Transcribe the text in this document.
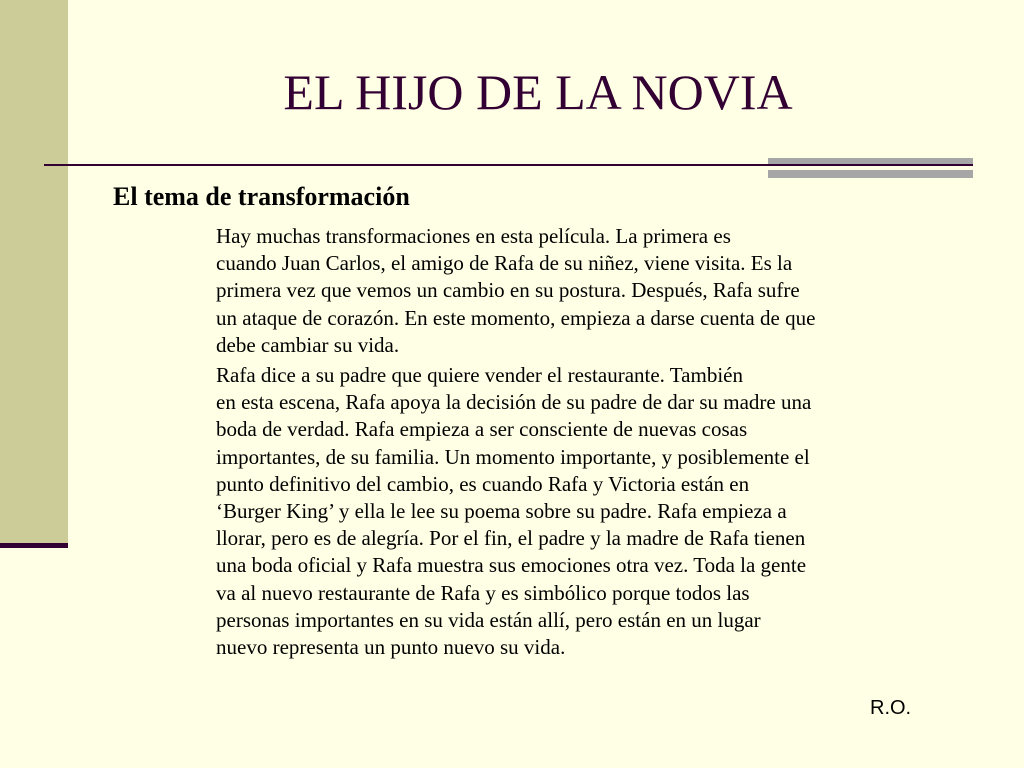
EL HIJO DE LA NOVIA
El tema de transformación

Hay muchas transformaciones en esta película. La primera es
cuando Juan Carlos, el amigo de Rafa de su niñez, viene visita. Es la
primera vez que vemos un cambio en su postura. Después, Rafa sufre
un ataque de corazón. En este momento, empieza a darse cuenta de que
debe cambiar su vida.

Rafa dice a su padre que quiere vender el restaurante. También
en esta escena, Rafa apoya la decisión de su padre de dar su madre una
boda de verdad. Rafa empieza a ser consciente de nuevas cosas
importantes, de su familia. Un momento importante, y posiblemente el
punto definitivo del cambio, es cuando Rafa y Victoria están en
‘Burger King’ y ella le lee su poema sobre su padre. Rafa empieza a
llorar, pero es de alegría. Por el fin, el padre y la madre de Rafa tienen
una boda oficial y Rafa muestra sus emociones otra vez. Toda la gente
va al nuevo restaurante de Rafa y es simbólico porque todos las
personas importantes en su vida están allí, pero están en un lugar
nuevo representa un punto nuevo su vida.

R.O.
